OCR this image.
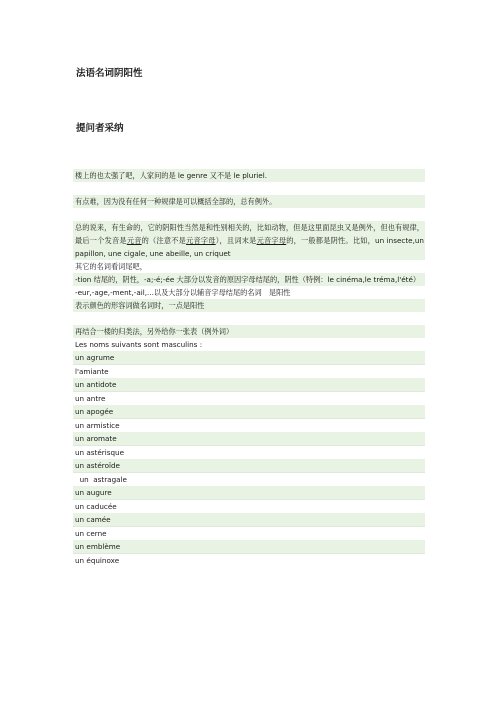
法语名词阴阳性
提问者采纳
楼上的也太强了吧，人家问的是 le genre 又不是 le pluriel.
有点难，因为没有任何一种规律是可以概括全部的，总有例外。
总的说来，有生命的，它的阴阳性当然是和性别相关的，比如动物，但是这里面昆虫又是例外，但也有规律，最后一个发音是元音的（注意不是元音字母），且词末是元音字母的，一般都是阴性。比如，un insecte,un papillon, une cigale, une abeille, un criquet
其它的名词看词尾吧，
-tion 结尾的，阴性，-a;-é;-ée 大部分以发音的原因字母结尾的，阴性（特例：le cinéma,le tréma,l'été）
-eur,-age,-ment,-ail,...以及大部分以辅音字母结尾的名词　是阳性
表示颜色的形容词做名词时，一点是阳性
再结合一楼的归类法，另外给你一张表（例外词）
Les noms suivants sont masculins :
un agrume
l'amiante
un antidote
un antre
un apogée
un armistice
un aromate
un astérisque
un astéroïde
un  astragale
un augure
un caducée
un camée
un cerne
un emblème
un équinoxe
